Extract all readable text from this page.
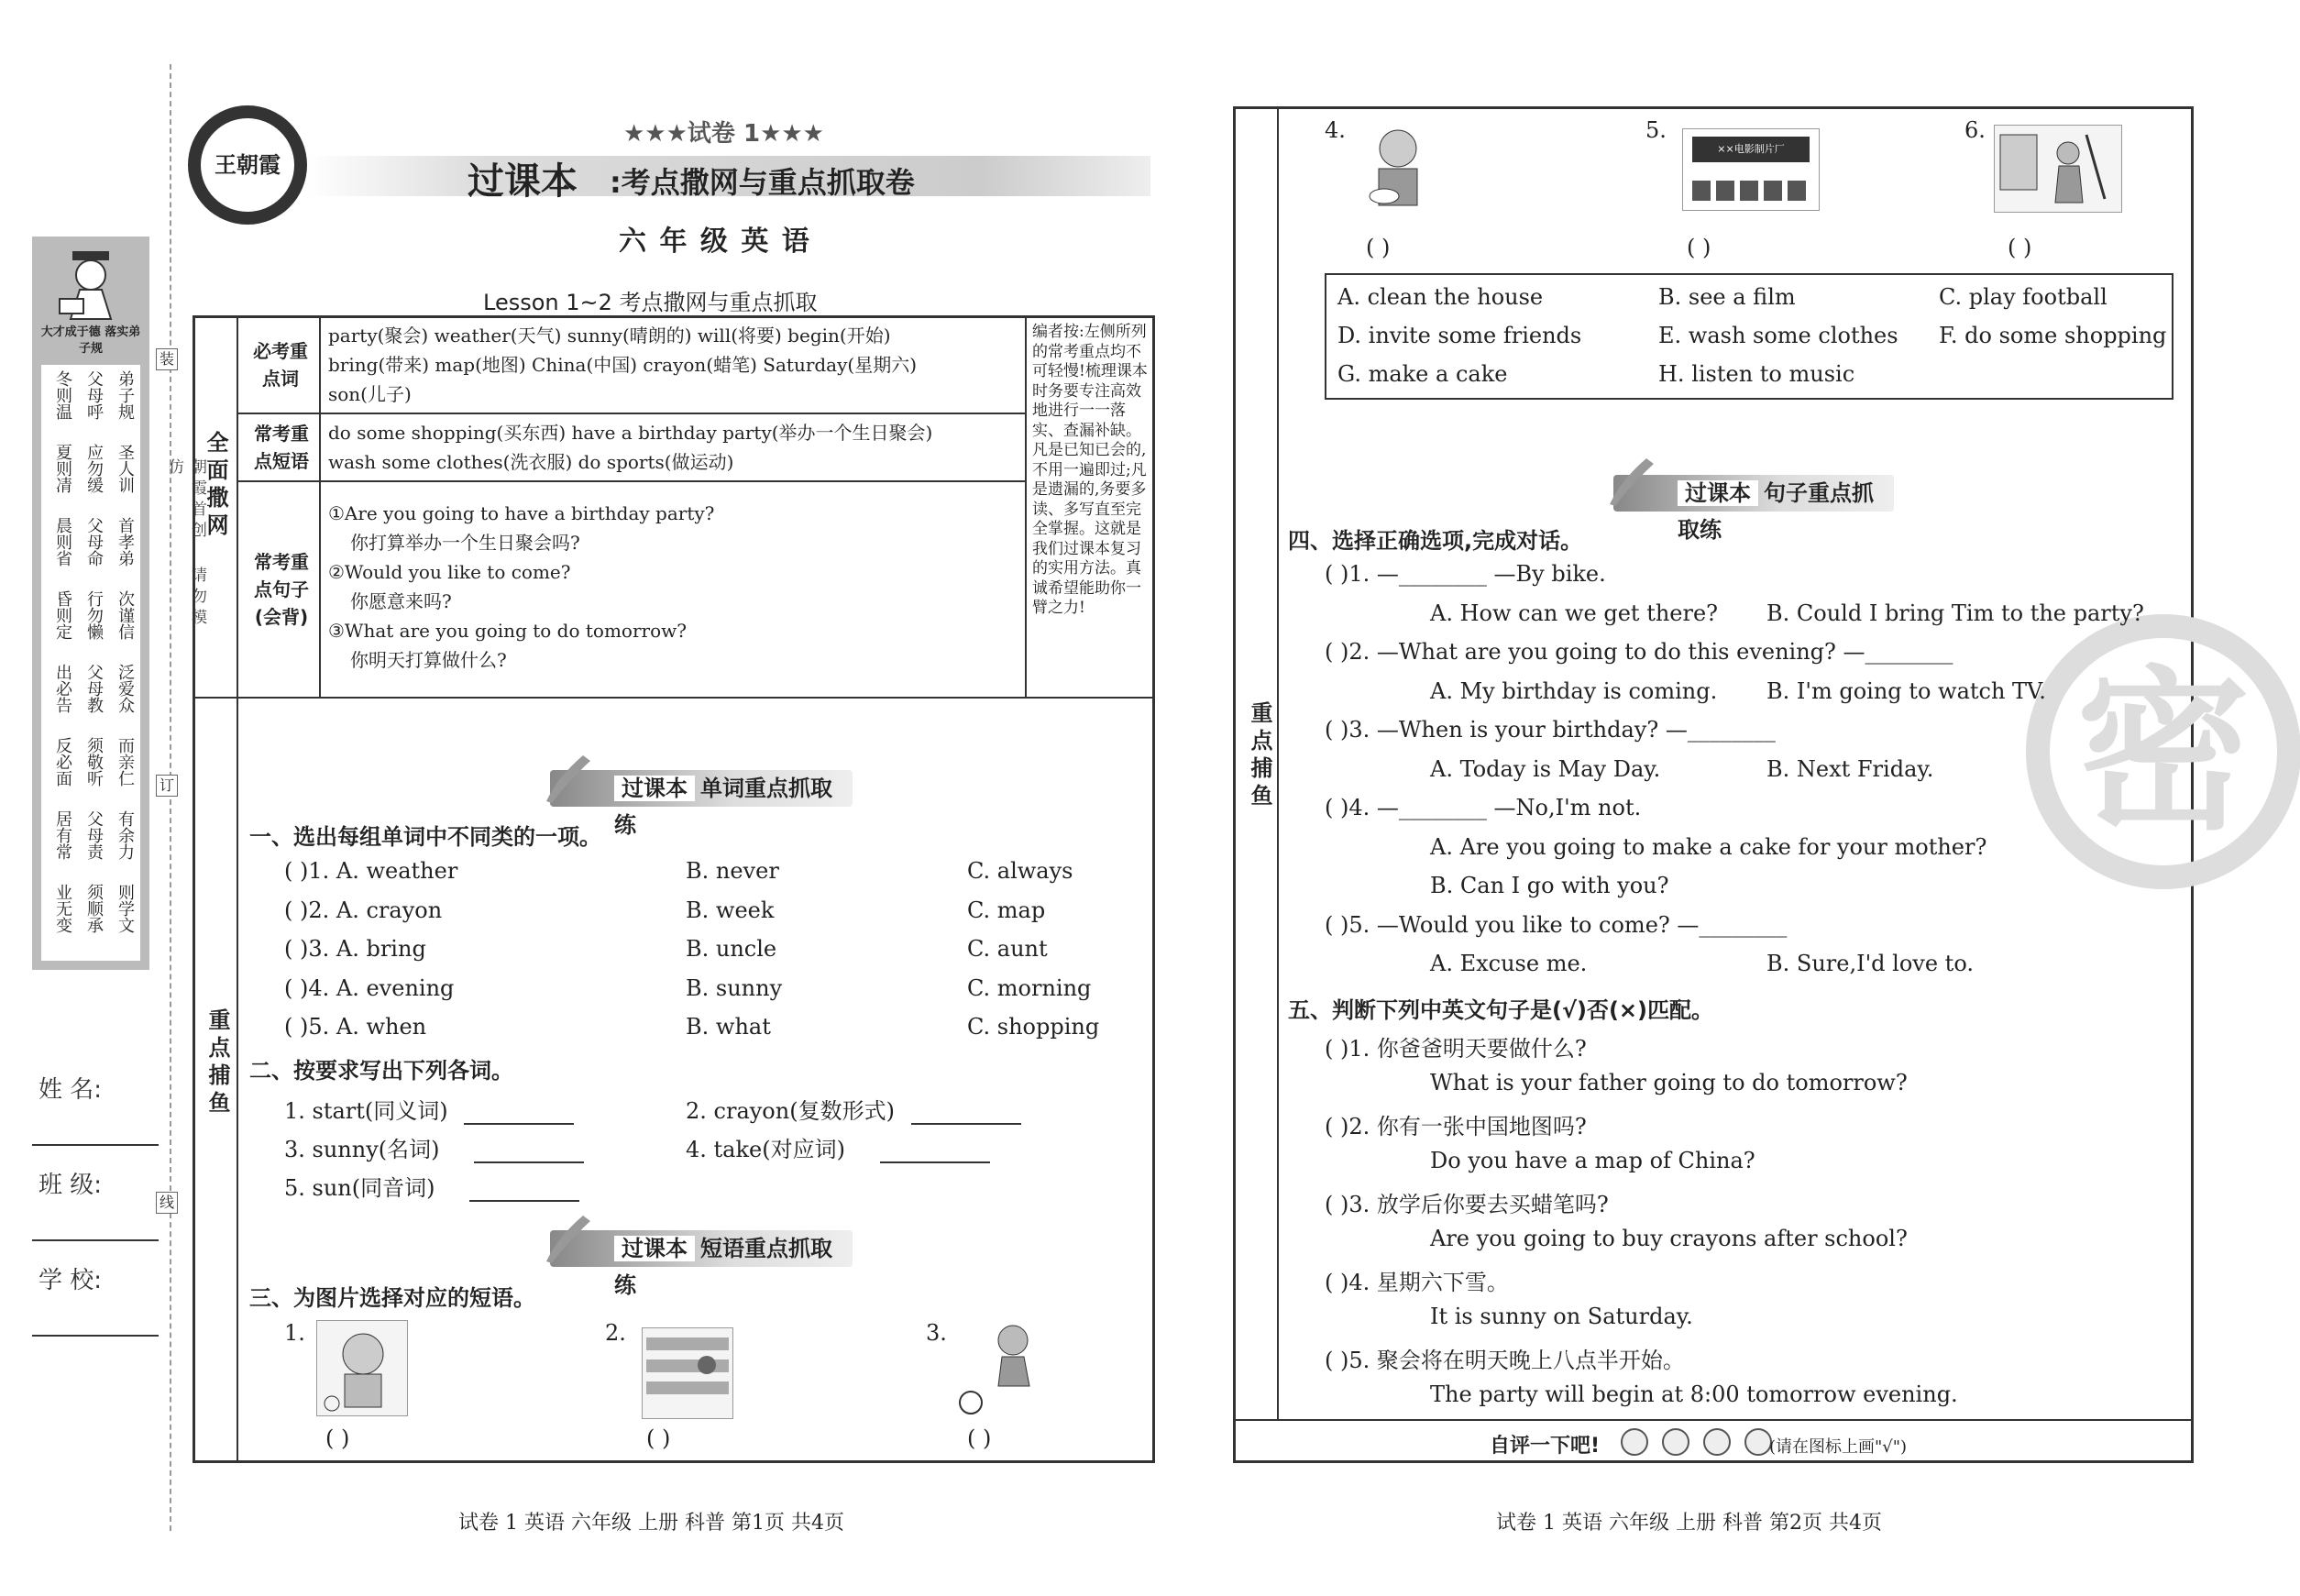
装
订
线
大才成于德 落实弟子规
冬则温 父母呼 弟子规
夏则凊 应勿缓 圣人训
晨则省 父母命 首孝弟
昏则定 行勿懒 次谨信
出必告 父母教 泛爱众
反必面 须敬听 而亲仁
居有常 父母责 有余力
业无变 须顺承 则学文
朝霞首创 请勿模仿
姓 名:
班 级:
学 校:
王朝霞
★★★试卷 1★★★
过课本 :考点撒网与重点抓取卷
六 年 级 英 语
Lesson 1~2 考点撒网与重点抓取
全面撒网
重点捕鱼
必考重点词
party(聚会) weather(天气) sunny(晴朗的) will(将要) begin(开始)
bring(带来) map(地图) China(中国) crayon(蜡笔) Saturday(星期六)
son(儿子)
常考重点短语
do some shopping(买东西) have a birthday party(举办一个生日聚会)
wash some clothes(洗衣服) do sports(做运动)
常考重点句子(会背)
①Are you going to have a birthday party?
你打算举办一个生日聚会吗?
②Would you like to come?
你愿意来吗?
③What are you going to do tomorrow?
你明天打算做什么?
编者按:左侧所列的常考重点均不可轻慢!梳理课本时务要专注高效地进行一一落实、查漏补缺。凡是已知已会的,不用一遍即过;凡是遗漏的,务要多读、多写直至完全掌握。这就是我们过课本复习的实用方法。真诚希望能助你一臂之力!
过课本 单词重点抓取练
一、选出每组单词中不同类的一项。
( )1. A. weather	B. never	C. always
( )2. A. crayon	B. week	C. map
( )3. A. bring	B. uncle	C. aunt
( )4. A. evening	B. sunny	C. morning
( )5. A. when	B. what	C. shopping
二、按要求写出下列各词。
1. start(同义词)	2. crayon(复数形式)
3. sunny(名词)	4. take(对应词)
5. sun(同音词)
过课本 短语重点抓取练
三、为图片选择对应的短语。
1.
( )
2.
( )
3.
( )
试卷 1 英语 六年级 上册 科普 第1页 共4页
重点捕鱼	密
4.
( )
5.
××电影制片厂
( )
6.
( )
A. clean the house	B. see a film	C. play football
D. invite some friends	E. wash some clothes F. do some shopping
G. make a cake	H. listen to music
过课本 句子重点抓取练
四、选择正确选项,完成对话。
( )1. —________ —By bike.
A. How can we get there? B. Could I bring Tim to the party?
( )2. —What are you going to do this evening? —________
A. My birthday is coming. B. I'm going to watch TV.
( )3. —When is your birthday? —________
A. Today is May Day.	B. Next Friday.
( )4. —________ —No,I'm not.
A. Are you going to make a cake for your mother?
B. Can I go with you?
( )5. —Would you like to come? —________
A. Excuse me.	B. Sure,I'd love to.
五、判断下列中英文句子是(√)否(×)匹配。
( )1. 你爸爸明天要做什么?
What is your father going to do tomorrow?
( )2. 你有一张中国地图吗?
Do you have a map of China?
( )3. 放学后你要去买蜡笔吗?
Are you going to buy crayons after school?
( )4. 星期六下雪。
It is sunny on Saturday.
( )5. 聚会将在明天晚上八点半开始。
The party will begin at 8:00 tomorrow evening.
自评一下吧!
	(请在图标上画"√")
试卷 1 英语 六年级 上册 科普 第2页 共4页
